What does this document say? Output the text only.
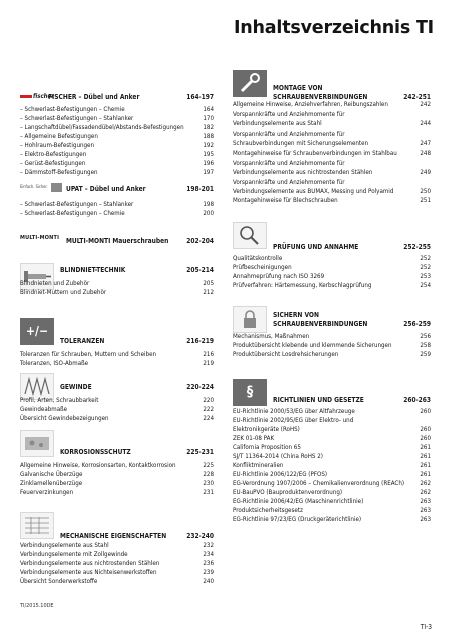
Inhaltsverzeichnis TI
fischer
FISCHER – Dübel und Anker	164–197
– Schwerlast-Befestigungen – Chemie	164
– Schwerlast-Befestigungen – Stahlanker	170
– Langschaftdübel/Fassadendübel/Abstands-Befestigungen	182
– Allgemeine Befestigungen	188
– Hohlraum-Befestigungen	192
– Elektro-Befestigungen	195
– Gerüst-Befestigungen	196
– Dämmstoff-Befestigungen	197
Einfach. Sicher.	UPAT – Dübel und Anker	198–201
– Schwerlast-Befestigungen – Stahlanker	198
– Schwerlast-Befestigungen – Chemie	200
MULTI-MONTI MULTI-MONTI Mauerschrauben	202–204
BLINDNIET-TECHNIK	205–214
Blindnieten und Zubehör	205
Blindniet-Muttern und Zubehör	212
+/−
TOLERANZEN	216–219
Toleranzen für Schrauben, Muttern und Scheiben	216
Toleranzen, ISO-Abmaße	219
GEWINDE	220–224
Profil, Arten, Schraubbarkeit	220
Gewindeabmaße	222
Übersicht Gewindebezeigungen	224
KORROSIONSSCHUTZ	225–231
Allgemeine Hinweise, Korrosionsarten, Kontaktkorrosion	225
Galvanische Überzüge	228
Zinklamellenüberzüge	230
Feuerverzinkungen	231
MECHANISCHE EIGENSCHAFTEN	232–240
Verbindungselemente aus Stahl	232
Verbindungselemente mit Zollgewinde	234
Verbindungselemente aus nichtrostenden Stählen	236
Verbindungselemente aus Nichteisenwerkstoffen	239
Übersicht Sonderwerkstoffe	240
MONTAGE VON
SCHRAUBENVERBINDUNGEN	242–251
Allgemeine Hinweise, Anziehverfahren, Reibungszahlen	242
Vorspannkräfte und Anziehmomente für Verbindungselemente aus Stahl	244
Vorspannkräfte und Anziehmomente für Schraubverbindungen mit Sicherungselementen	247
Montagehinweise für Schraubenverbindungen im Stahlbau	248
Vorspannkräfte und Anziehmomente für Verbindungselemente aus nichtrostenden Stählen	249
Vorspannkräfte und Anziehmomente für Verbindungselemente aus BUMAX, Messing und Polyamid	250
Montagehinweise für Blechschrauben	251
PRÜFUNG UND ANNAHME	252–255
Qualitätskontrolle	252
Prüfbescheinigungen	252
Annahmeprüfung nach ISO 3269	253
Prüfverfahren: Härtemessung, Kerbschlagprüfung	254
SICHERN VON
SCHRAUBENVERBINDUNGEN	256–259
Mechanismus, Maßnahmen	256
Produktübersicht klebende und klemmende Sicherungen	258
Produktübersicht Losdrehsicherungen	259
§	RICHTLINIEN UND GESETZE	260–263
EU-Richtlinie 2000/53/EG über Altfahrzeuge	260
EU-Richtlinie 2002/95/EG über Elektro- und Elektronikgeräte (RoHS)	260
ZEK 01-08 PAK	260
California Proposition 65	261
SJ/T 11364-2014 (China RoHS 2)	261
Konfliktmineralien	261
EU-Richtlinie 2006/122/EG (PFOS)	261
EG-Verordnung 1907/2006 – Chemikalienverordnung (REACh)	262
EU-BauPVO (Bauproduktenverordnung)	262
EG-Richtlinie 2006/42/EG (Maschinenrichtlinie)	263
Produktsicherheitsgesetz	263
EG-Richtlinie 97/23/EG (Druckgeräterichtlinie)	263
TI/2015.10DE
TI-3
